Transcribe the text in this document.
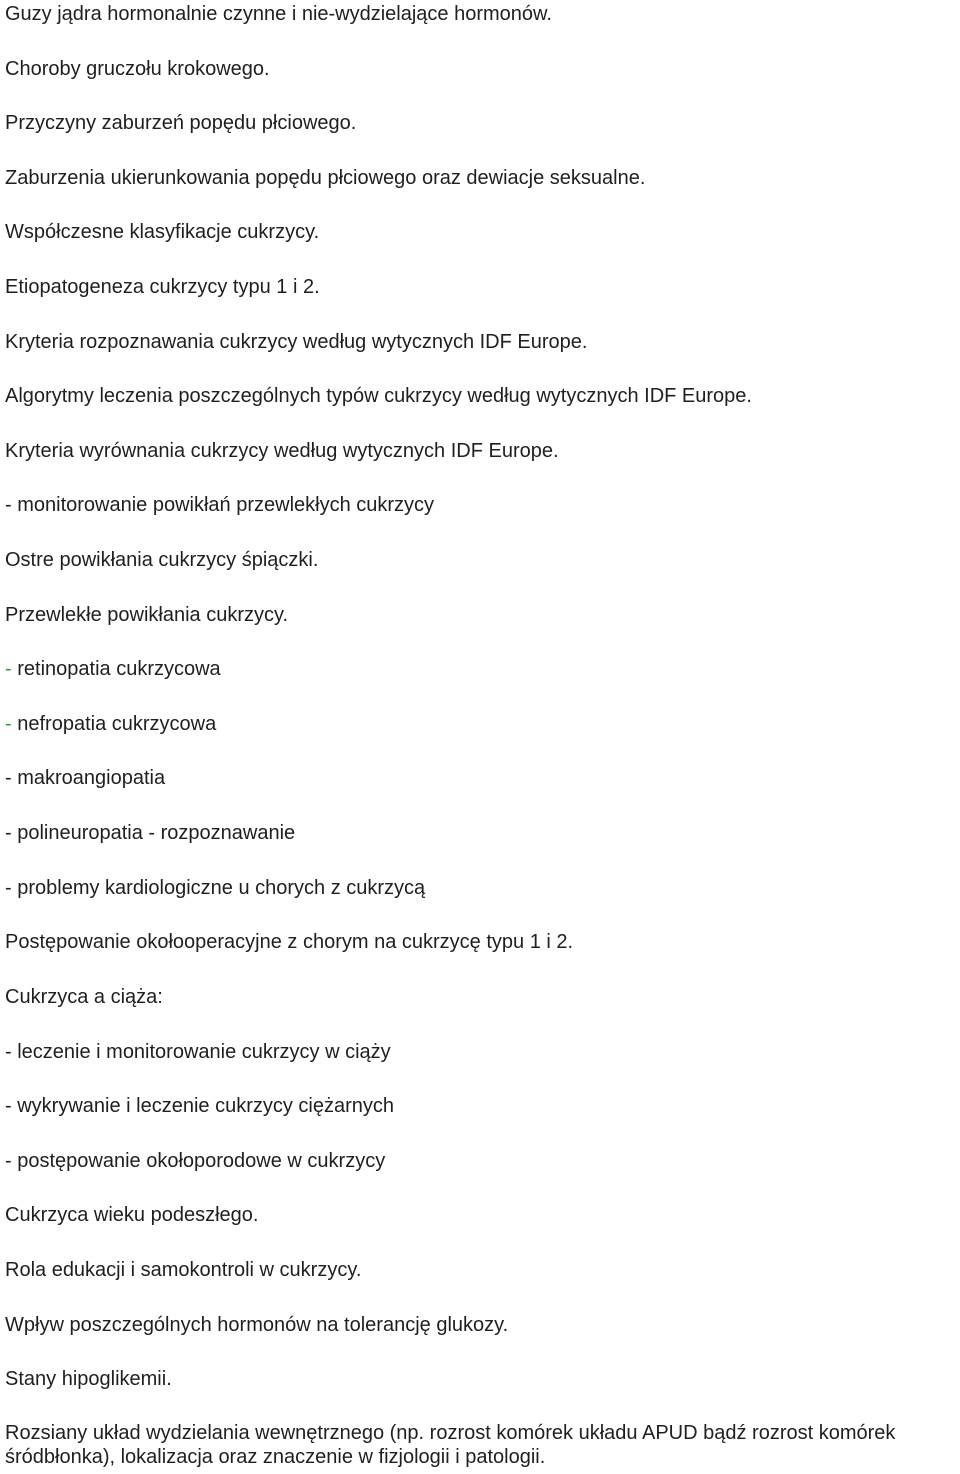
Guzy jądra hormonalnie czynne i nie-wydzielające hormonów.
Choroby gruczołu krokowego.
Przyczyny zaburzeń popędu płciowego.
Zaburzenia ukierunkowania popędu płciowego oraz dewiacje seksualne.
Współczesne klasyfikacje cukrzycy.
Etiopatogeneza cukrzycy typu 1 i 2.
Kryteria rozpoznawania cukrzycy według wytycznych IDF Europe.
Algorytmy leczenia poszczególnych typów cukrzycy według wytycznych IDF Europe.
Kryteria wyrównania cukrzycy według wytycznych IDF Europe.
- monitorowanie powikłań przewlekłych cukrzycy
Ostre powikłania cukrzycy śpiączki.
Przewlekłe powikłania cukrzycy.
- retinopatia cukrzycowa
- nefropatia cukrzycowa
- makroangiopatia
- polineuropatia - rozpoznawanie
- problemy kardiologiczne u chorych z cukrzycą
Postępowanie okołooperacyjne z chorym na cukrzycę typu 1 i 2.
Cukrzyca a ciąża:
- leczenie i monitorowanie cukrzycy w ciąży
- wykrywanie i leczenie cukrzycy ciężarnych
- postępowanie okołoporodowe w cukrzycy
Cukrzyca wieku podeszłego.
Rola edukacji i samokontroli w cukrzycy.
Wpływ poszczególnych hormonów na tolerancję glukozy.
Stany hipoglikemii.
Rozsiany układ wydzielania wewnętrznego (np. rozrost komórek układu APUD bądź rozrost komórek
śródbłonka), lokalizacja oraz znaczenie w fizjologii i patologii.
